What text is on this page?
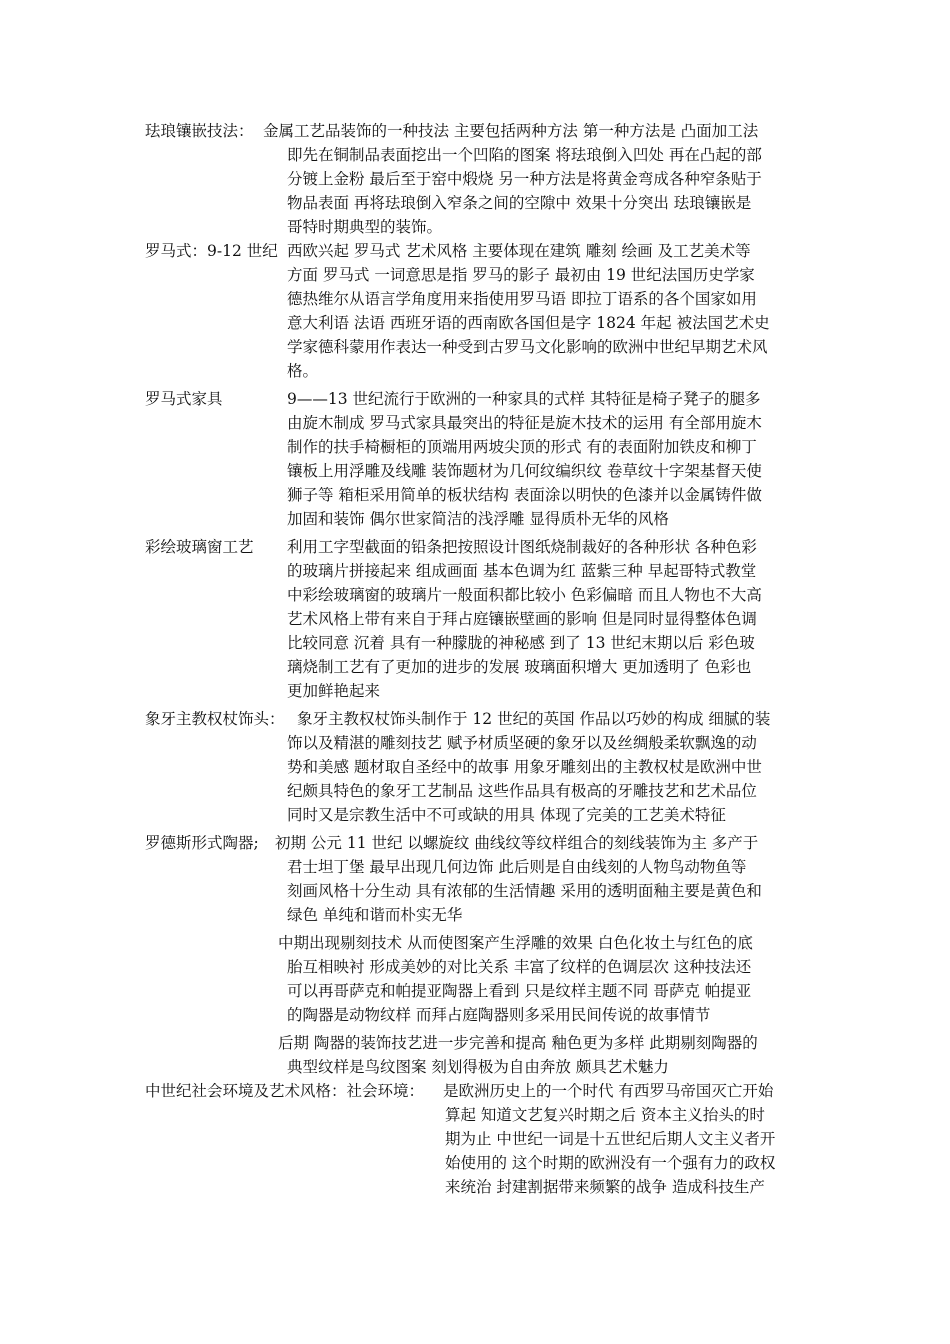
珐琅镶嵌技法： 金属工艺品装饰的一种技法 主要包括两种方法 第一种方法是 凸面加工法
即先在铜制品表面挖出一个凹陷的图案 将珐琅倒入凹处 再在凸起的部
分镀上金粉 最后至于窑中煅烧 另一种方法是将黄金弯成各种窄条贴于
物品表面 再将珐琅倒入窄条之间的空隙中 效果十分突出 珐琅镶嵌是
哥特时期典型的装饰。
罗马式：9-12 世纪 西欧兴起 罗马式 艺术风格 主要体现在建筑 雕刻 绘画 及工艺美术等
方面 罗马式 一词意思是指 罗马的影子 最初由 19 世纪法国历史学家
德热维尔从语言学角度用来指使用罗马语 即拉丁语系的各个国家如用
意大利语 法语 西班牙语的西南欧各国但是字 1824 年起 被法国艺术史
学家德科蒙用作表达一种受到古罗马文化影响的欧洲中世纪早期艺术风
格。
罗马式家具	9——13 世纪流行于欧洲的一种家具的式样 其特征是椅子凳子的腿多
由旋木制成 罗马式家具最突出的特征是旋木技术的运用 有全部用旋木
制作的扶手椅橱柜的顶端用两坡尖顶的形式 有的表面附加铁皮和柳丁
镶板上用浮雕及线雕 装饰题材为几何纹编织纹 卷草纹十字架基督天使
狮子等 箱柜采用简单的板状结构 表面涂以明快的色漆并以金属铸件做
加固和装饰 偶尔世家简洁的浅浮雕 显得质朴无华的风格
彩绘玻璃窗工艺 利用工字型截面的铅条把按照设计图纸烧制裁好的各种形状 各种色彩
的玻璃片拼接起来 组成画面 基本色调为红 蓝紫三种 早起哥特式教堂
中彩绘玻璃窗的玻璃片一般面积都比较小 色彩偏暗 而且人物也不大高
艺术风格上带有来自于拜占庭镶嵌壁画的影响 但是同时显得整体色调
比较同意 沉着 具有一种朦胧的神秘感 到了 13 世纪末期以后 彩色玻
璃烧制工艺有了更加的进步的发展 玻璃面积增大 更加透明了 色彩也
更加鲜艳起来
象牙主教权杖饰头： 象牙主教权杖饰头制作于 12 世纪的英国 作品以巧妙的构成 细腻的装
饰以及精湛的雕刻技艺 赋予材质坚硬的象牙以及丝绸般柔软飘逸的动
势和美感 题材取自圣经中的故事 用象牙雕刻出的主教权杖是欧洲中世
纪颇具特色的象牙工艺制品 这些作品具有极高的牙雕技艺和艺术品位
同时又是宗教生活中不可或缺的用具 体现了完美的工艺美术特征
罗德斯形式陶器;	初期 公元 11 世纪 以螺旋纹 曲线纹等纹样组合的刻线装饰为主 多产于
君士坦丁堡 最早出现几何边饰 此后则是自由线刻的人物鸟动物鱼等
刻画风格十分生动 具有浓郁的生活情趣 采用的透明面釉主要是黄色和
绿色 单纯和谐而朴实无华
中期出现剔刻技术 从而使图案产生浮雕的效果 白色化妆土与红色的底
胎互相映衬 形成美妙的对比关系 丰富了纹样的色调层次 这种技法还
可以再哥萨克和帕提亚陶器上看到 只是纹样主题不同 哥萨克 帕提亚
的陶器是动物纹样 而拜占庭陶器则多采用民间传说的故事情节
后期 陶器的装饰技艺进一步完善和提高 釉色更为多样 此期剔刻陶器的
典型纹样是鸟纹图案 刻划得极为自由奔放 颇具艺术魅力
中世纪社会环境及艺术风格：社会环境：	是欧洲历史上的一个时代 有西罗马帝国灭亡开始
算起 知道文艺复兴时期之后 资本主义抬头的时
期为止 中世纪一词是十五世纪后期人文主义者开
始使用的 这个时期的欧洲没有一个强有力的政权
来统治 封建割据带来频繁的战争 造成科技生产
